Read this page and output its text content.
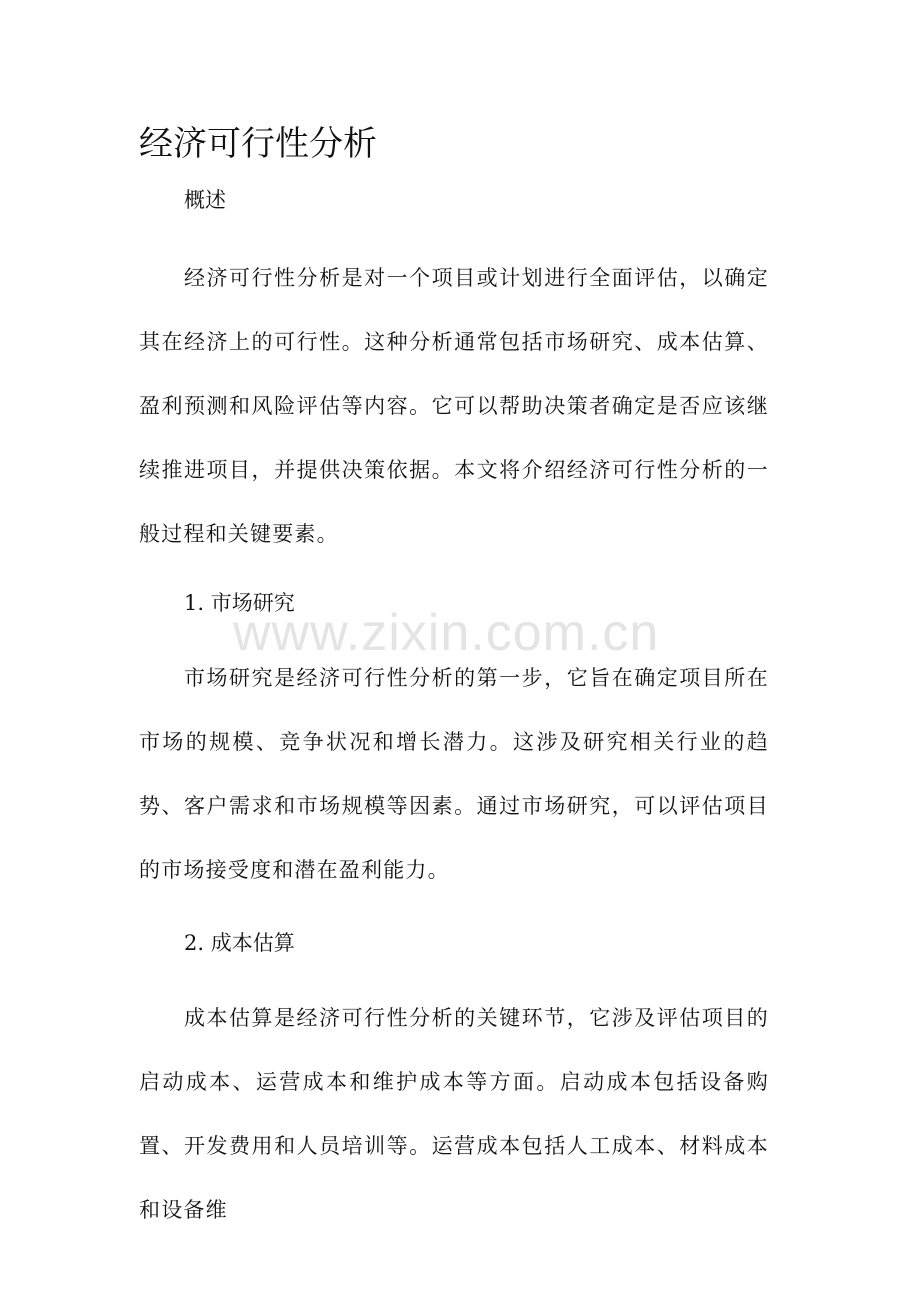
经济可行性分析
概述

经济可行性分析是对一个项目或计划进行全面评估，以确定其在经济上的可行性。这种分析通常包括市场研究、成本估算、盈利预测和风险评估等内容。它可以帮助决策者确定是否应该继续推进项目，并提供决策依据。本文将介绍经济可行性分析的一般过程和关键要素。

1. 市场研究

市场研究是经济可行性分析的第一步，它旨在确定项目所在市场的规模、竞争状况和增长潜力。这涉及研究相关行业的趋势、客户需求和市场规模等因素。通过市场研究，可以评估项目的市场接受度和潜在盈利能力。

2. 成本估算

成本估算是经济可行性分析的关键环节，它涉及评估项目的启动成本、运营成本和维护成本等方面。启动成本包括设备购置、开发费用和人员培训等。运营成本包括人工成本、材料成本和设备维

www.zixin.com.cn
